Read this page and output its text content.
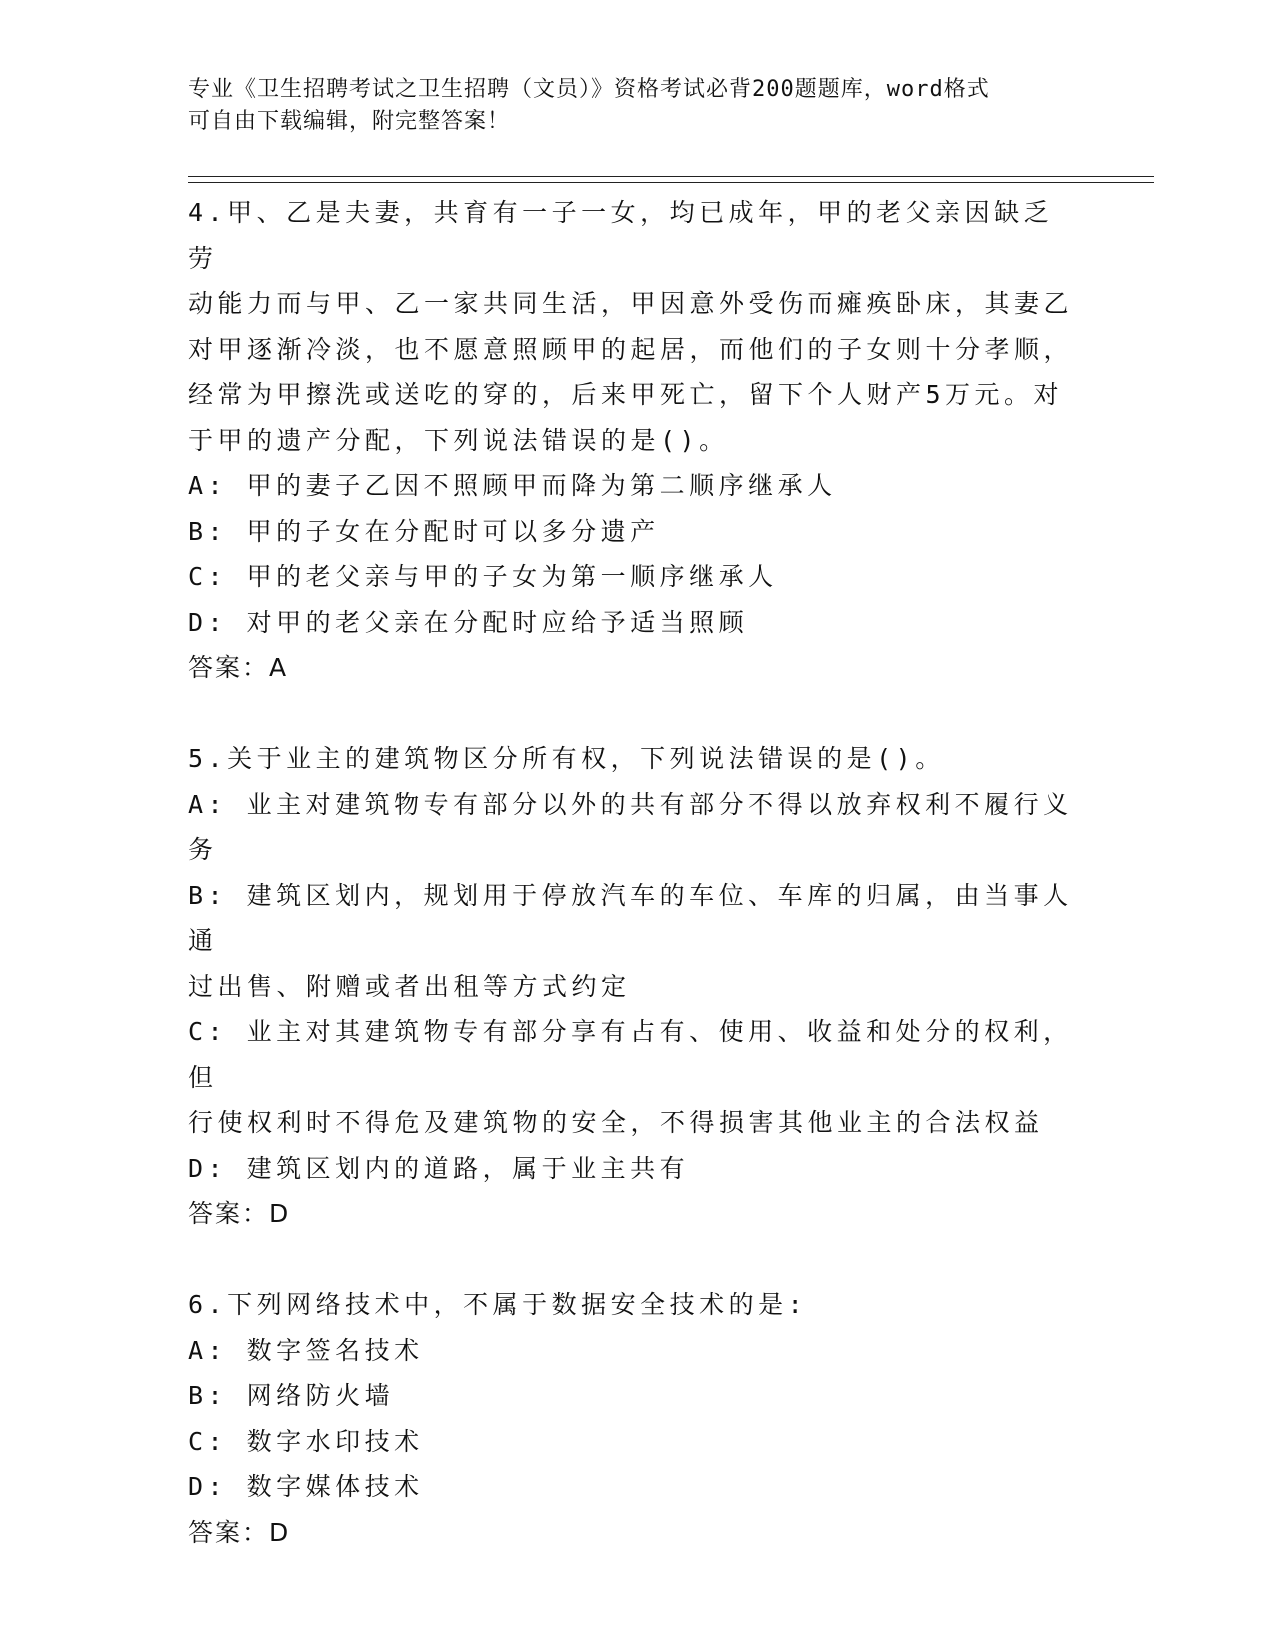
专业《卫生招聘考试之卫生招聘（文员）》资格考试必背200题题库，word格式
可自由下载编辑，附完整答案！

4.甲、乙是夫妻，共育有一子一女，均已成年，甲的老父亲因缺乏劳

动能力而与甲、乙一家共同生活，甲因意外受伤而瘫痪卧床，其妻乙

对甲逐渐冷淡，也不愿意照顾甲的起居，而他们的子女则十分孝顺，

经常为甲擦洗或送吃的穿的，后来甲死亡，留下个人财产5万元。对

于甲的遗产分配，下列说法错误的是()。

A: 甲的妻子乙因不照顾甲而降为第二顺序继承人

B: 甲的子女在分配时可以多分遗产

C: 甲的老父亲与甲的子女为第一顺序继承人

D: 对甲的老父亲在分配时应给予适当照顾

答案：A

5.关于业主的建筑物区分所有权，下列说法错误的是()。

A: 业主对建筑物专有部分以外的共有部分不得以放弃权利不履行义务

B: 建筑区划内，规划用于停放汽车的车位、车库的归属，由当事人通

过出售、附赠或者出租等方式约定

C: 业主对其建筑物专有部分享有占有、使用、收益和处分的权利，但

行使权利时不得危及建筑物的安全，不得损害其他业主的合法权益

D: 建筑区划内的道路，属于业主共有

答案：D

6.下列网络技术中，不属于数据安全技术的是:

A: 数字签名技术

B: 网络防火墙

C: 数字水印技术

D: 数字媒体技术

答案：D
